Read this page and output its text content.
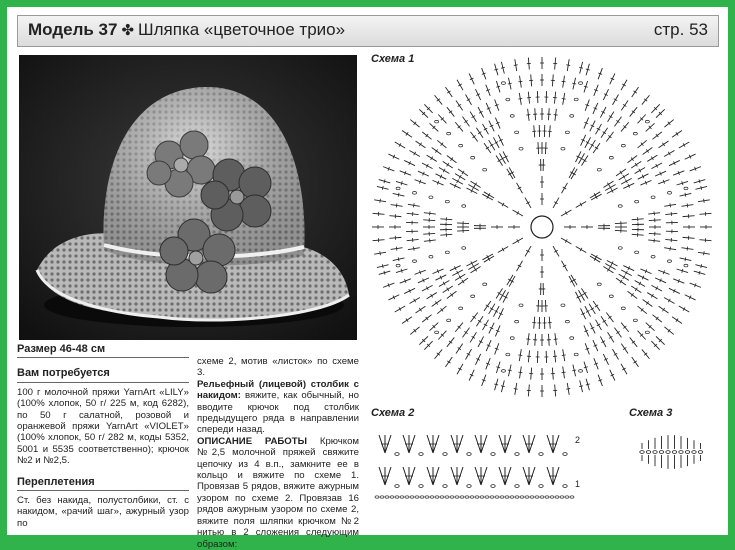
Модель 37 ✤ Шляпка «цветочное трио»	стр. 53
Размер 46-48 см
Вам потребуется
100 г молочной пряжи YarnArt «LILY» (100% хлопок, 50 г/ 225 м, код 6282), по 50 г салатной, розовой и оранжевой пряжи YarnArt «VIOLET» (100% хлопок, 50 г/ 282 м, коды 5352, 5001 и 5535 соответственно); крючок №2 и №2,5.
Переплетения
Ст. без накида, полустолбики, ст. с накидом, «рачий шаг», ажурный узор по
схеме 2, мотив «листок» по схеме 3.
Рельефный (лицевой) столбик с накидом: вяжите, как обычный, но вводите крючок под столбик предыдущего ряда в направлении спереди назад.
ОПИСАНИЕ РАБОТЫ Крючком №2,5 молочной пряжей свяжите цепочку из 4 в.п., замкните ее в кольцо и вяжите по схеме 1. Провязав 5 рядов, вяжите ажурным узором по схеме 2. Провязав 16 рядов ажурным узором по схеме 2, вяжите поля шляпки крючком №2 нитью в 2 сложения следующим образом:
Схема 1
Схема 2	Схема 3
2
1
